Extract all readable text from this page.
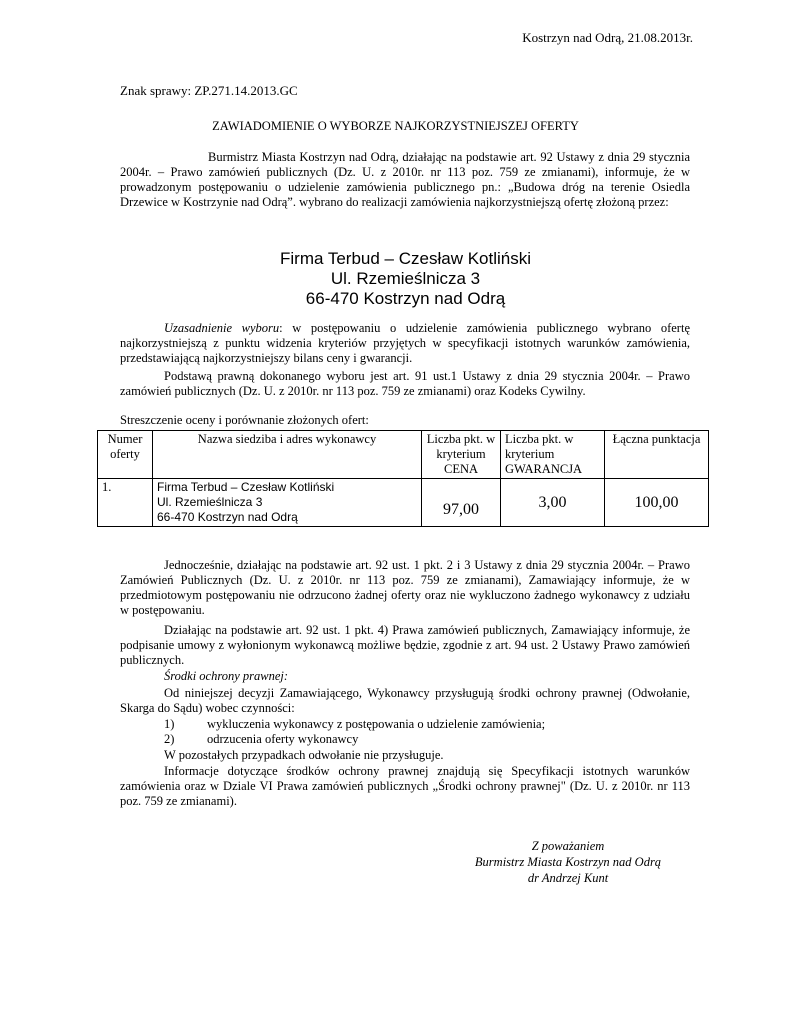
Kostrzyn nad Odrą, 21.08.2013r.
Znak sprawy: ZP.271.14.2013.GC
ZAWIADOMIENIE O WYBORZE NAJKORZYSTNIEJSZEJ OFERTY

Burmistrz Miasta Kostrzyn nad Odrą, działając na podstawie art. 92 Ustawy z dnia 29 stycznia 2004r. – Prawo zamówień publicznych (Dz. U. z 2010r. nr 113 poz. 759 ze zmianami), informuje, że w prowadzonym postępowaniu o udzielenie zamówienia publicznego pn.: „Budowa dróg na terenie Osiedla Drzewice w Kostrzynie nad Odrą”. wybrano do realizacji zamówienia najkorzystniejszą ofertę złożoną przez:

Firma Terbud – Czesław Kotliński
Ul. Rzemieślnicza 3
66-470 Kostrzyn nad Odrą

Uzasadnienie wyboru: w postępowaniu o udzielenie zamówienia publicznego wybrano ofertę najkorzystniejszą z punktu widzenia kryteriów przyjętych w specyfikacji istotnych warunków zamówienia, przedstawiającą najkorzystniejszy bilans ceny i gwarancji.

Podstawą prawną dokonanego wyboru jest art. 91 ust.1 Ustawy z dnia 29 stycznia 2004r. – Prawo zamówień publicznych (Dz. U. z 2010r. nr 113 poz. 759 ze zmianami) oraz Kodeks Cywilny.

Streszczenie oceny i porównanie złożonych ofert:
Numer oferty	Nazwa siedziba i adres wykonawcy	Liczba pkt. w kryterium CENA	Liczba pkt. w kryterium GWARANCJA	Łączna punktacja
1.	Firma Terbud – Czesław Kotliński
Ul. Rzemieślnicza 3
66-470 Kostrzyn nad Odrą	97,00	3,00	100,00

Jednocześnie, działając na podstawie art. 92 ust. 1 pkt. 2 i 3 Ustawy z dnia 29 stycznia 2004r. – Prawo Zamówień Publicznych (Dz. U. z 2010r. nr 113 poz. 759 ze zmianami), Zamawiający informuje, że w przedmiotowym postępowaniu nie odrzucono żadnej oferty oraz nie wykluczono żadnego wykonawcy z udziału w postępowaniu.

Działając na podstawie art. 92 ust. 1 pkt. 4) Prawa zamówień publicznych, Zamawiający informuje, że podpisanie umowy z wyłonionym wykonawcą możliwe będzie, zgodnie z art. 94 ust. 2 Ustawy Prawo zamówień publicznych.

Środki ochrony prawnej:

Od niniejszej decyzji Zamawiającego, Wykonawcy przysługują środki ochrony prawnej (Odwołanie, Skarga do Sądu) wobec czynności:

1)	wykluczenia wykonawcy z postępowania o udzielenie zamówienia;
2)	odrzucenia oferty wykonawcy
W pozostałych przypadkach odwołanie nie przysługuje.

Informacje dotyczące środków ochrony prawnej znajdują się Specyfikacji istotnych warunków zamówienia oraz w Dziale VI Prawa zamówień publicznych „Środki ochrony prawnej" (Dz. U. z 2010r. nr 113 poz. 759 ze zmianami).

Z poważaniem
Burmistrz Miasta Kostrzyn nad Odrą
dr Andrzej Kunt
